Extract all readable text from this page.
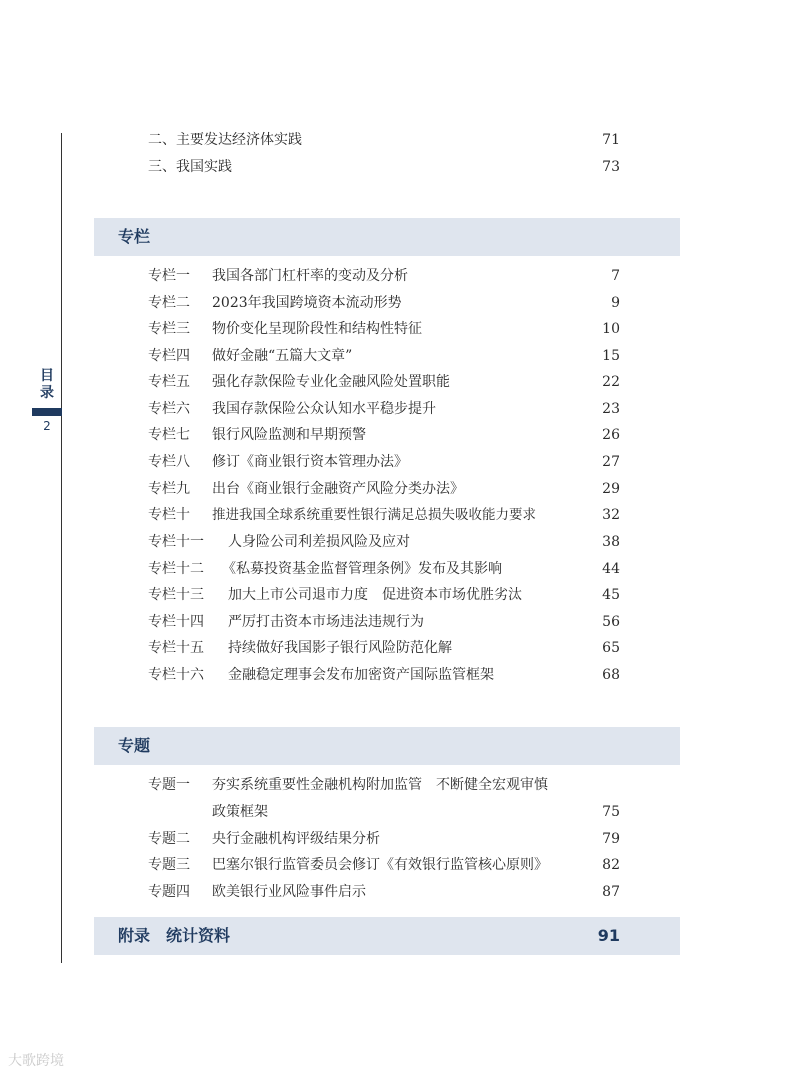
目
录
2
二、主要发达经济体实践	71
三、我国实践	73
专栏
专栏一 我国各部门杠杆率的变动及分析	7
专栏二 2023年我国跨境资本流动形势	9
专栏三 物价变化呈现阶段性和结构性特征	10
专栏四 做好金融“五篇大文章”	15
专栏五 强化存款保险专业化金融风险处置职能	22
专栏六 我国存款保险公众认知水平稳步提升	23
专栏七 银行风险监测和早期预警	26
专栏八 修订《商业银行资本管理办法》	27
专栏九 出台《商业银行金融资产风险分类办法》	29
专栏十 推进我国全球系统重要性银行满足总损失吸收能力要求	32
专栏十一 人身险公司利差损风险及应对	38
专栏十二 《私募投资基金监督管理条例》发布及其影响	44
专栏十三 加大上市公司退市力度　促进资本市场优胜劣汰	45
专栏十四 严厉打击资本市场违法违规行为	56
专栏十五 持续做好我国影子银行风险防范化解	65
专栏十六 金融稳定理事会发布加密资产国际监管框架	68
专题
专题一 夯实系统重要性金融机构附加监管　不断健全宏观审慎
政策框架	75
专题二 央行金融机构评级结果分析	79
专题三 巴塞尔银行监管委员会修订《有效银行监管核心原则》	82
专题四 欧美银行业风险事件启示	87
附录　统计资料	91
大歌跨境
